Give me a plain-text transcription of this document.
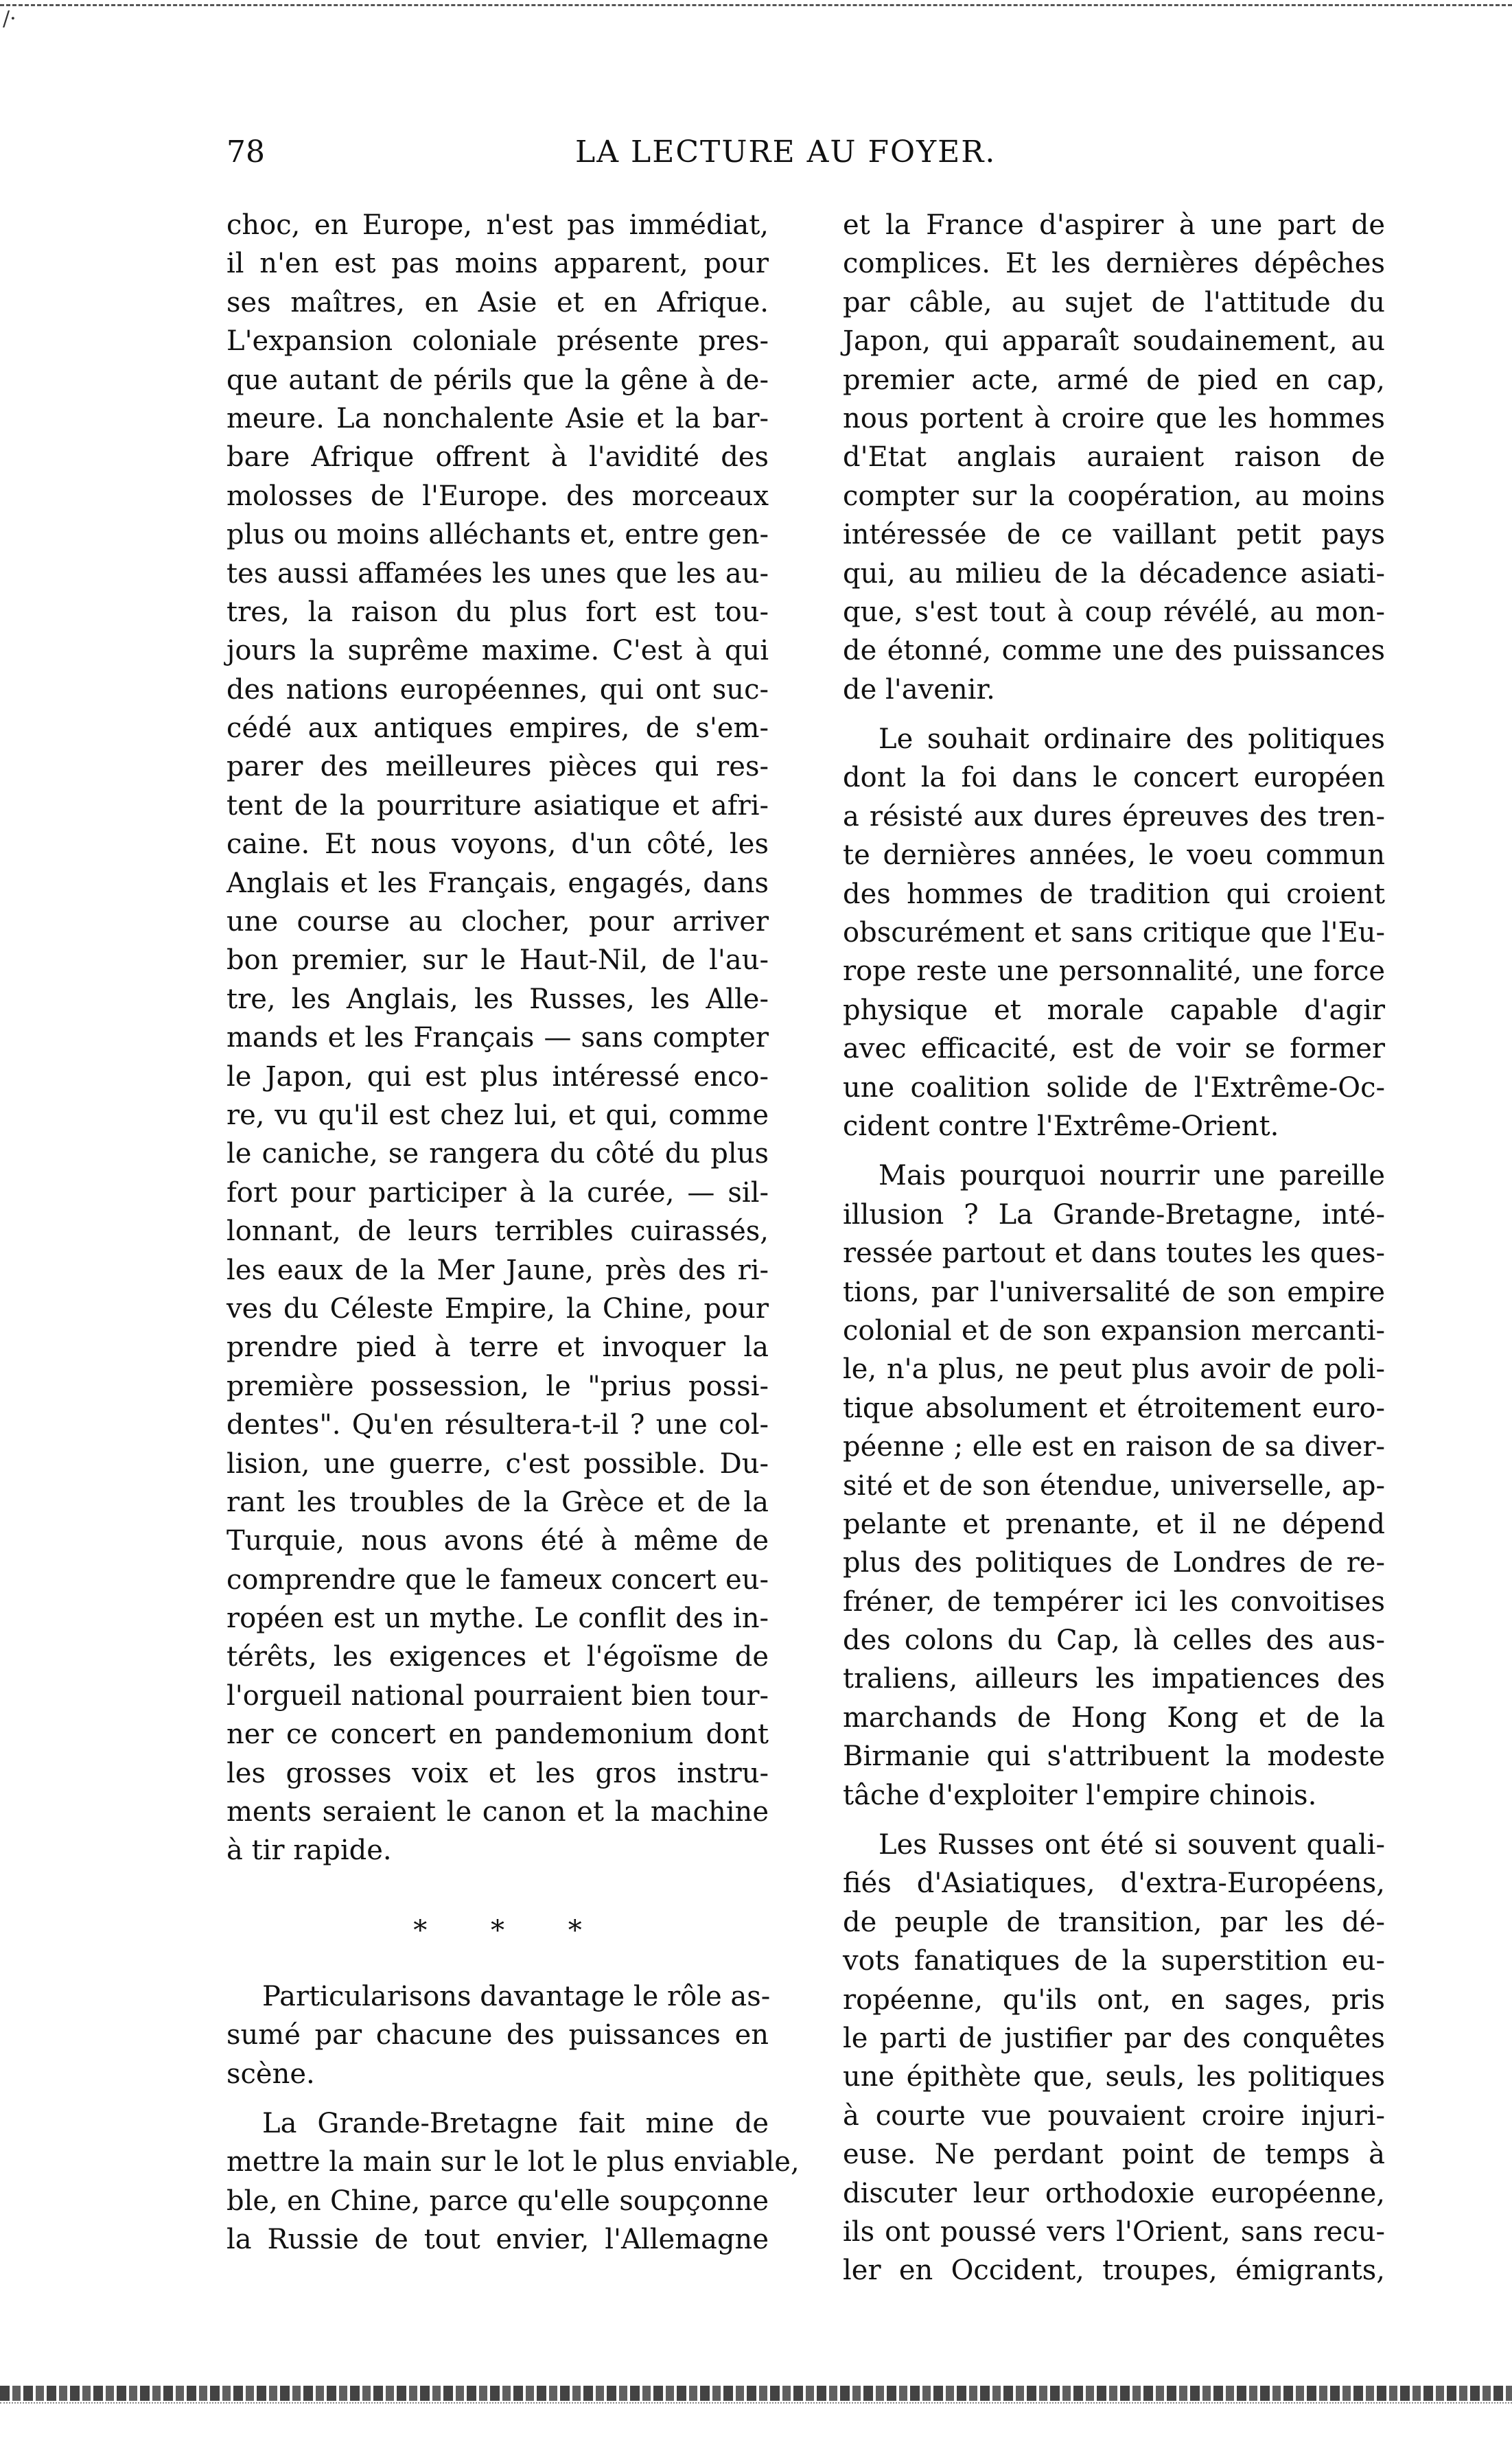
/·
78	LA LECTURE AU FOYER.
choc, en Europe, n'est pas immédiat,
il n'en est pas moins apparent, pour
ses maîtres, en Asie et en Afrique.
L'expansion coloniale présente pres-
que autant de périls que la gêne à de-
meure. La nonchalente Asie et la bar-
bare Afrique offrent à l'avidité des
molosses de l'Europe. des morceaux
plus ou moins alléchants et, entre gen-
tes aussi affamées les unes que les au-
tres, la raison du plus fort est tou-
jours la suprême maxime. C'est à qui
des nations européennes, qui ont suc-
cédé aux antiques empires, de s'em-
parer des meilleures pièces qui res-
tent de la pourriture asiatique et afri-
caine. Et nous voyons, d'un côté, les
Anglais et les Français, engagés, dans
une course au clocher, pour arriver
bon premier, sur le Haut-Nil, de l'au-
tre, les Anglais, les Russes, les Alle-
mands et les Français — sans compter
le Japon, qui est plus intéressé enco-
re, vu qu'il est chez lui, et qui, comme
le caniche, se rangera du côté du plus
fort pour participer à la curée, — sil-
lonnant, de leurs terribles cuirassés,
les eaux de la Mer Jaune, près des ri-
ves du Céleste Empire, la Chine, pour
prendre pied à terre et invoquer la
première possession, le "prius possi-
dentes". Qu'en résultera-t-il ? une col-
lision, une guerre, c'est possible. Du-
rant les troubles de la Grèce et de la
Turquie, nous avons été à même de
comprendre que le fameux concert eu-
ropéen est un mythe. Le conflit des in-
térêts, les exigences et l'égoïsme de
l'orgueil national pourraient bien tour-
ner ce concert en pandemonium dont
les grosses voix et les gros instru-
ments seraient le canon et la machine
à tir rapide.
* * *
Particularisons davantage le rôle as-
sumé par chacune des puissances en
scène.
La Grande-Bretagne fait mine de
mettre la main sur le lot le plus enviable,
ble, en Chine, parce qu'elle soupçonne
la Russie de tout envier, l'Allemagne
et la France d'aspirer à une part de
complices. Et les dernières dépêches
par câble, au sujet de l'attitude du
Japon, qui apparaît soudainement, au
premier acte, armé de pied en cap,
nous portent à croire que les hommes
d'Etat anglais auraient raison de
compter sur la coopération, au moins
intéressée de ce vaillant petit pays
qui, au milieu de la décadence asiati-
que, s'est tout à coup révélé, au mon-
de étonné, comme une des puissances
de l'avenir.
Le souhait ordinaire des politiques
dont la foi dans le concert européen
a résisté aux dures épreuves des tren-
te dernières années, le voeu commun
des hommes de tradition qui croient
obscurément et sans critique que l'Eu-
rope reste une personnalité, une force
physique et morale capable d'agir
avec efficacité, est de voir se former
une coalition solide de l'Extrême-Oc-
cident contre l'Extrême-Orient.
Mais pourquoi nourrir une pareille
illusion ? La Grande-Bretagne, inté-
ressée partout et dans toutes les ques-
tions, par l'universalité de son empire
colonial et de son expansion mercanti-
le, n'a plus, ne peut plus avoir de poli-
tique absolument et étroitement euro-
péenne ; elle est en raison de sa diver-
sité et de son étendue, universelle, ap-
pelante et prenante, et il ne dépend
plus des politiques de Londres de re-
fréner, de tempérer ici les convoitises
des colons du Cap, là celles des aus-
traliens, ailleurs les impatiences des
marchands de Hong Kong et de la
Birmanie qui s'attribuent la modeste
tâche d'exploiter l'empire chinois.
Les Russes ont été si souvent quali-
fiés d'Asiatiques, d'extra-Européens,
de peuple de transition, par les dé-
vots fanatiques de la superstition eu-
ropéenne, qu'ils ont, en sages, pris
le parti de justifier par des conquêtes
une épithète que, seuls, les politiques
à courte vue pouvaient croire injuri-
euse. Ne perdant point de temps à
discuter leur orthodoxie européenne,
ils ont poussé vers l'Orient, sans recu-
ler en Occident, troupes, émigrants,
